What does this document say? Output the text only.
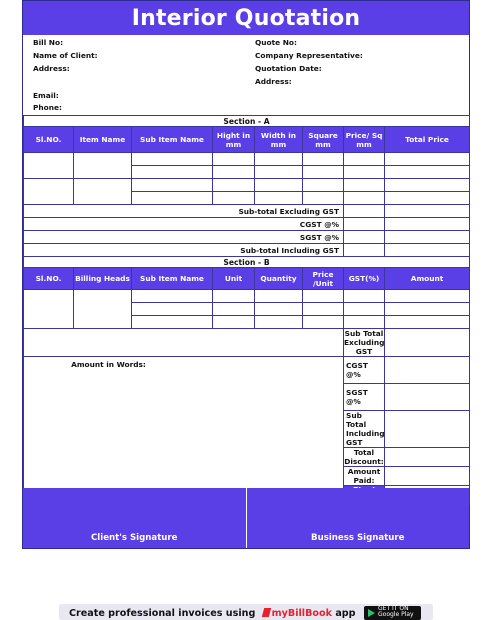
Interior Quotation
Bill No:
Name of Client:
Address:
Email:
Phone:
Quote No:
Company Representative:
Quotation Date:
Address:
Section - A							
Sl.NO.	Item Name	Sub Item Name	Hight in mm	Width in mm	Square mm	Price/ Sq mm	Total Price

Sub-total Excluding GST							
CGST @%							
SGST @%							
Sub-total Including GST							
Section - B							
Sl.NO.	Billing Heads	Sub Item Name	Unit	Quantity	Price /Unit	GST(%)	Amount

						Sub Total Excluding GST	
Amount in Words:						CGST @%	
						SGST @%	
						Sub Total Including GST	
						Total Discount:	
						Amount Paid:	

Client's Signature	Business Signature
Create professional invoices using myBillBook app	GET IT ON
Google Play
